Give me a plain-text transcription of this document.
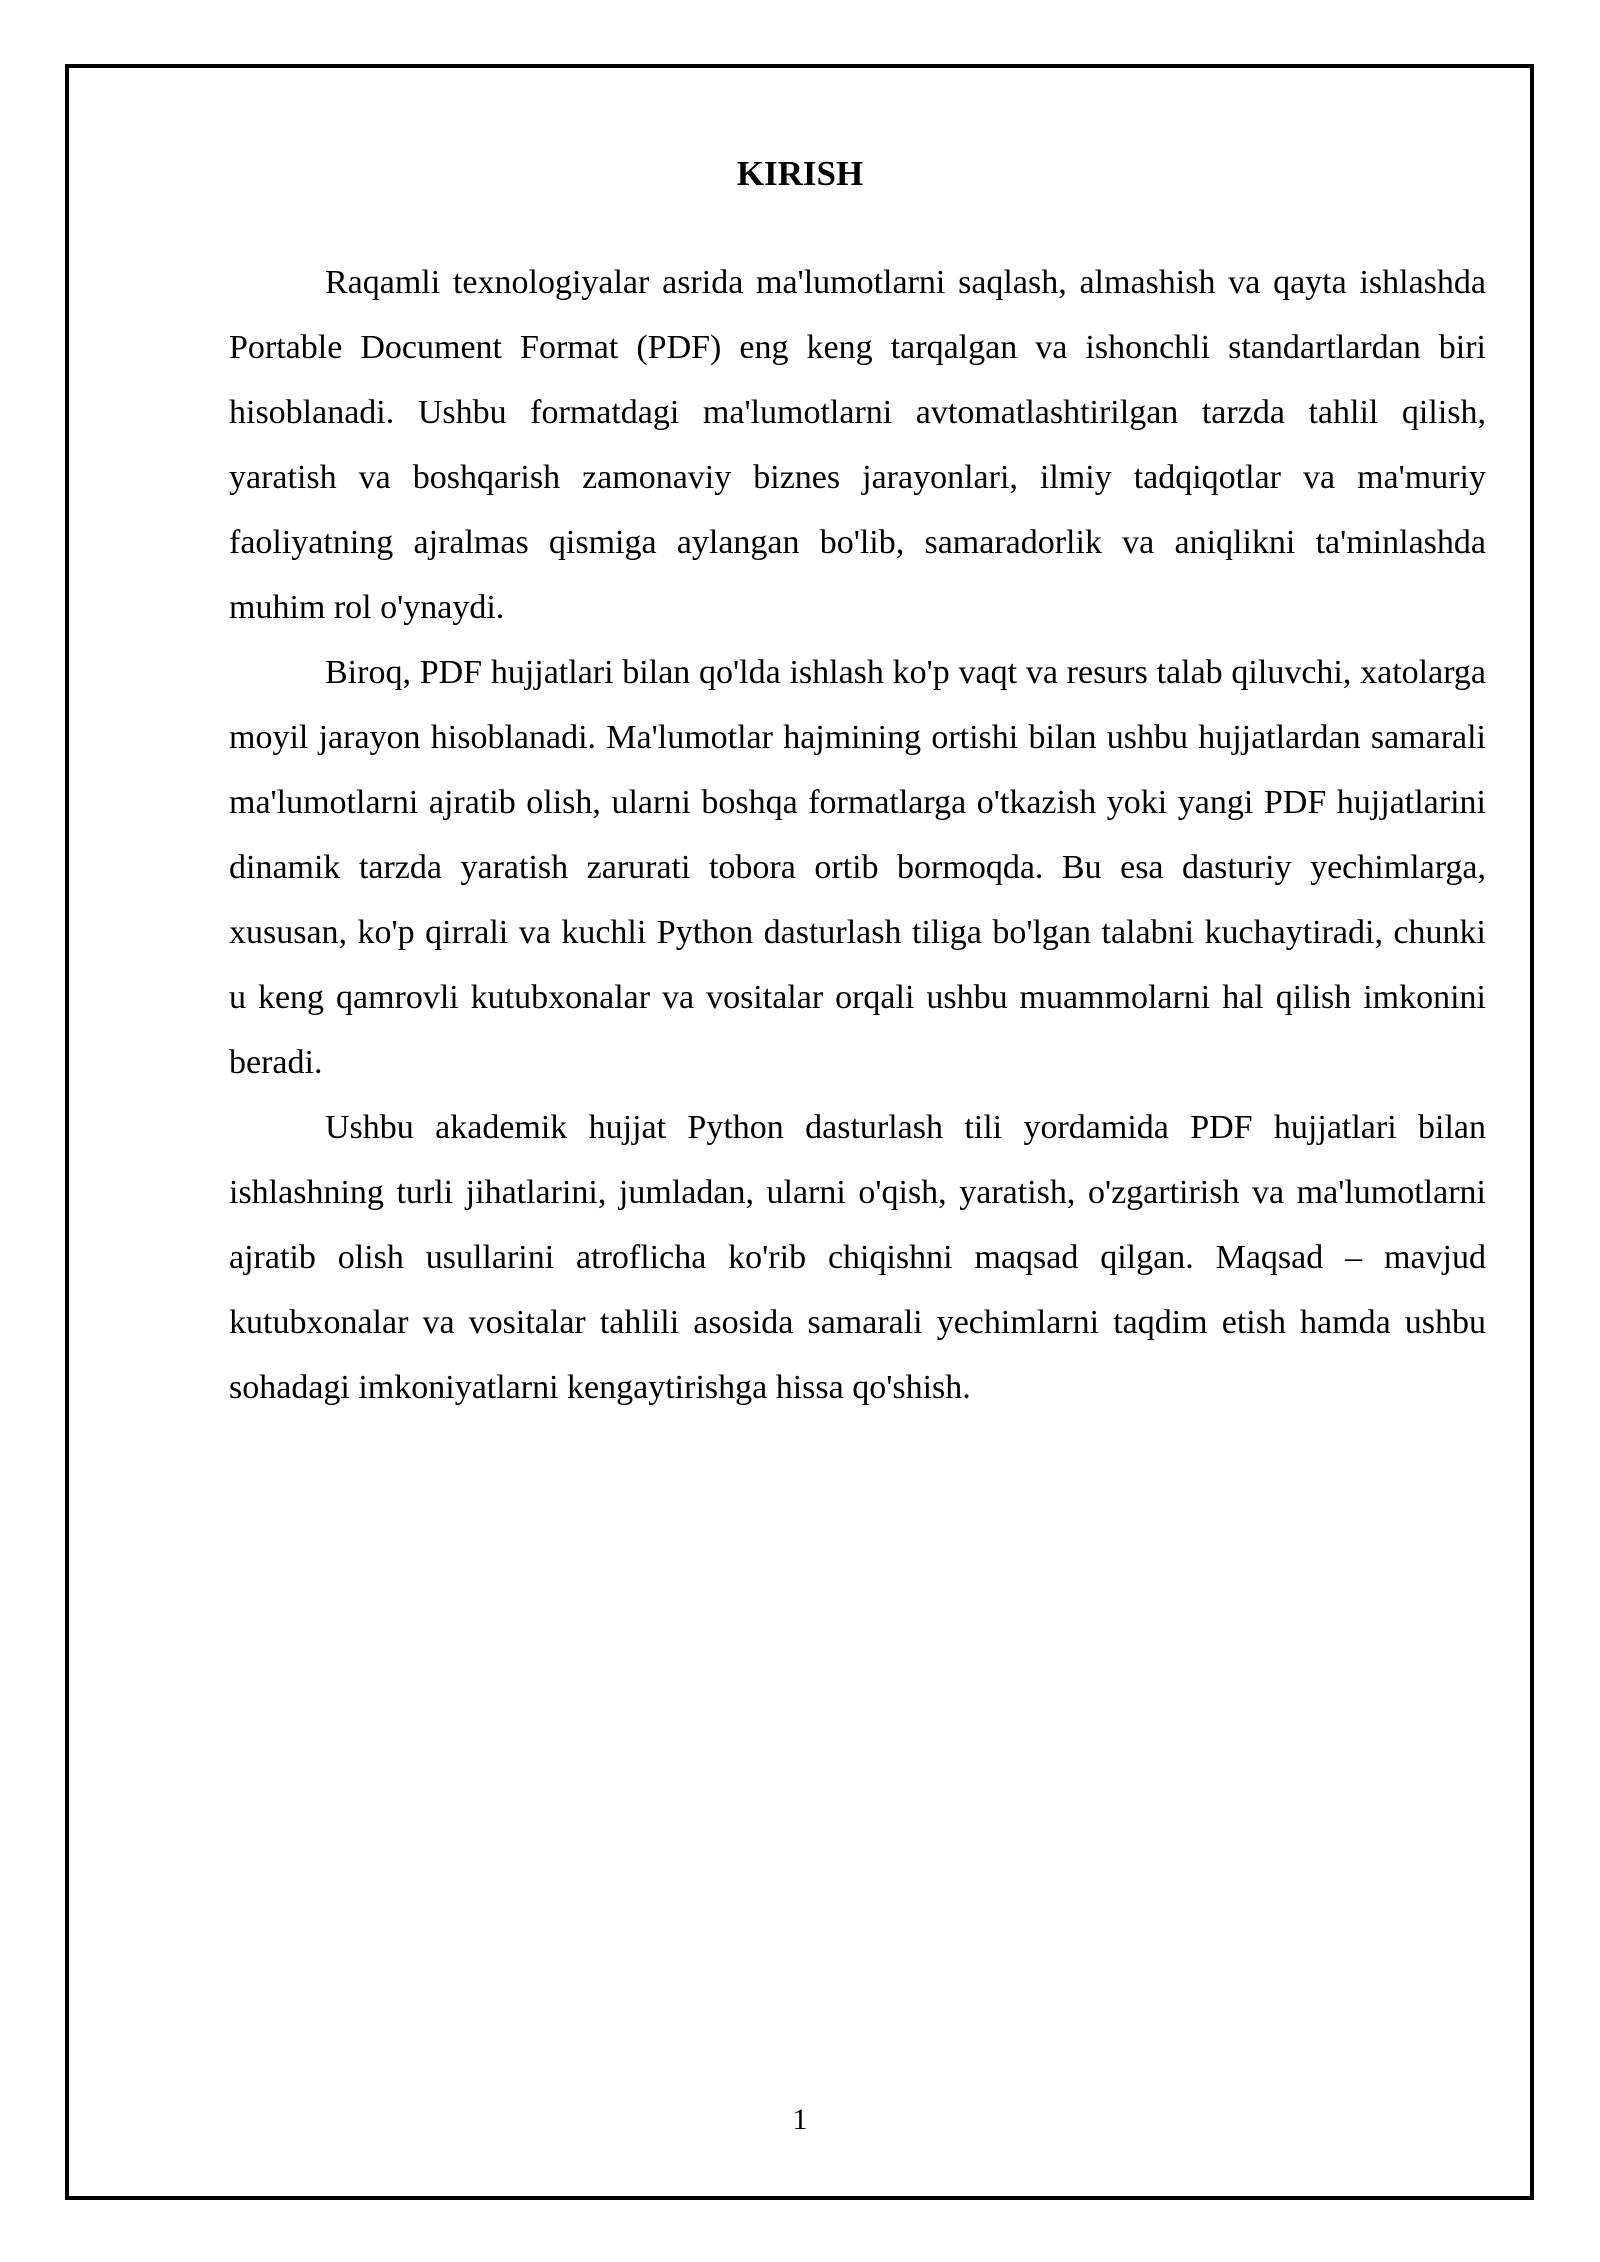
KIRISH

Raqamli texnologiyalar asrida ma'lumotlarni saqlash, almashish va qayta ishlashda Portable Document Format (PDF) eng keng tarqalgan va ishonchli standartlardan biri hisoblanadi. Ushbu formatdagi ma'lumotlarni avtomatlashtirilgan tarzda tahlil qilish, yaratish va boshqarish zamonaviy biznes jarayonlari, ilmiy tadqiqotlar va ma'muriy faoliyatning ajralmas qismiga aylangan bo'lib, samaradorlik va aniqlikni ta'minlashda muhim rol o'ynaydi.

Biroq, PDF hujjatlari bilan qo'lda ishlash ko'p vaqt va resurs talab qiluvchi, xatolarga moyil jarayon hisoblanadi. Ma'lumotlar hajmining ortishi bilan ushbu hujjatlardan samarali ma'lumotlarni ajratib olish, ularni boshqa formatlarga o'tkazish yoki yangi PDF hujjatlarini dinamik tarzda yaratish zarurati tobora ortib bormoqda. Bu esa dasturiy yechimlarga, xususan, ko'p qirrali va kuchli Python dasturlash tiliga bo'lgan talabni kuchaytiradi, chunki u keng qamrovli kutubxonalar va vositalar orqali ushbu muammolarni hal qilish imkonini beradi.

Ushbu akademik hujjat Python dasturlash tili yordamida PDF hujjatlari bilan ishlashning turli jihatlarini, jumladan, ularni o'qish, yaratish, o'zgartirish va ma'lumotlarni ajratib olish usullarini atroflicha ko'rib chiqishni maqsad qilgan. Maqsad – mavjud kutubxonalar va vositalar tahlili asosida samarali yechimlarni taqdim etish hamda ushbu sohadagi imkoniyatlarni kengaytirishga hissa qo'shish.

1
